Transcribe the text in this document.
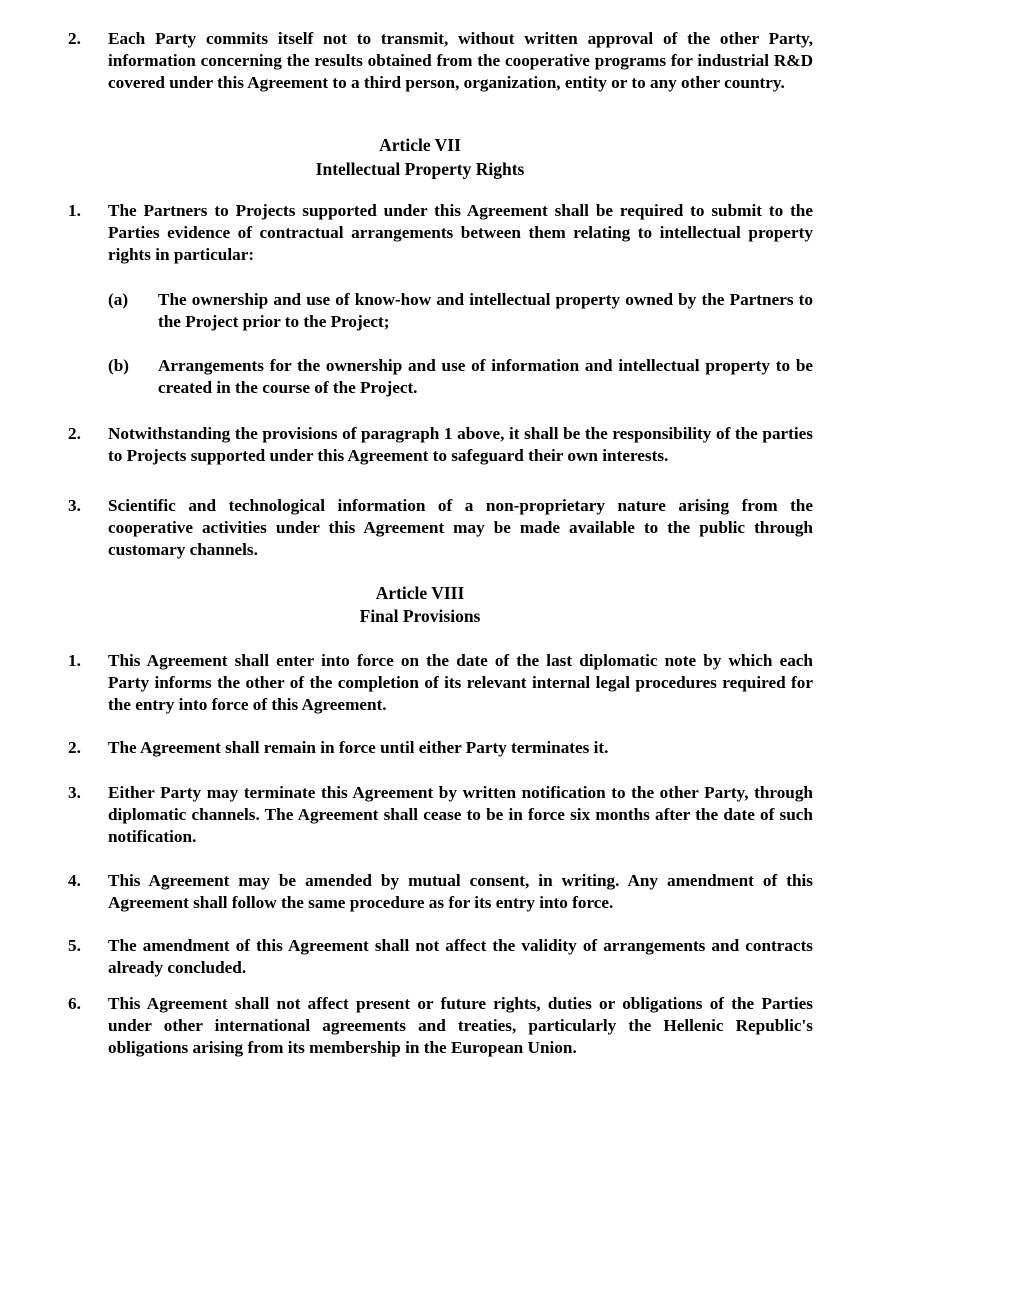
2.	Each Party commits itself not to transmit, without written approval of the other Party, information concerning the results obtained from the cooperative programs for industrial R&D covered under this Agreement to a third person, organization, entity or to any other country.
Article VII
Intellectual Property Rights
1.	The Partners to Projects supported under this Agreement shall be required to submit to the Parties evidence of contractual arrangements between them relating to intellectual property rights in particular:
(a) The ownership and use of know-how and intellectual property owned by the Partners to the Project prior to the Project;
(b) Arrangements for the ownership and use of information and intellectual property to be created in the course of the Project.
2.	Notwithstanding the provisions of paragraph 1 above, it shall be the responsibility of the parties to Projects supported under this Agreement to safeguard their own interests.
3.	Scientific and technological information of a non-proprietary nature arising from the cooperative activities under this Agreement may be made available to the public through customary channels.
Article VIII
Final Provisions
1.	This Agreement shall enter into force on the date of the last diplomatic note by which each Party informs the other of the completion of its relevant internal legal procedures required for the entry into force of this Agreement.
2.	The Agreement shall remain in force until either Party terminates it.
3.	Either Party may terminate this Agreement by written notification to the other Party, through diplomatic channels. The Agreement shall cease to be in force six months after the date of such notification.
4.	This Agreement may be amended by mutual consent, in writing. Any amendment of this Agreement shall follow the same procedure as for its entry into force.
5.	The amendment of this Agreement shall not affect the validity of arrangements and contracts already concluded.
6.	This Agreement shall not affect present or future rights, duties or obligations of the Parties under other international agreements and treaties, particularly the Hellenic Republic's obligations arising from its membership in the European Union.
